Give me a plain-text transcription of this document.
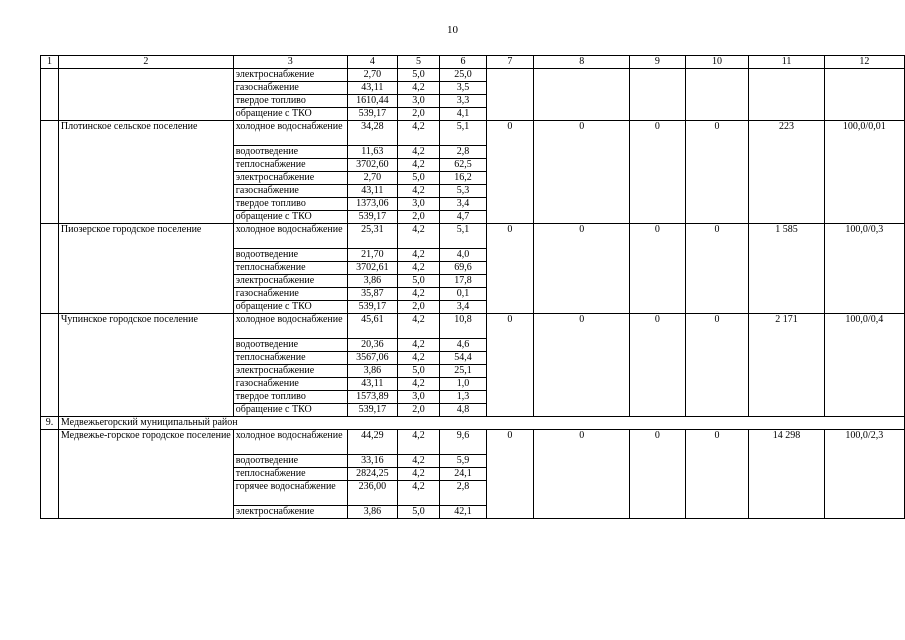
10
1	2	3	4	5	6	7	8	9	10	11	12
		электроснабжение	2,70	5,0	25,0						
		газоснабжение	43,11	4,2	3,5						
		твердое топливо	1610,44	3,0	3,3						
		обращение с ТКО	539,17	2,0	4,1						
	Плотинское сельское поселение	холодное водоснабжение	34,28	4,2	5,1	0	0	0	0	223	100,0/0,01
		водоотведение	11,63	4,2	2,8						
		теплоснабжение	3702,60	4,2	62,5						
		электроснабжение	2,70	5,0	16,2						
		газоснабжение	43,11	4,2	5,3						
		твердое топливо	1373,06	3,0	3,4						
		обращение с ТКО	539,17	2,0	4,7						
	Пиозерское городское поселение	холодное водоснабжение	25,31	4,2	5,1	0	0	0	0	1 585	100,0/0,3
		водоотведение	21,70	4,2	4,0						
		теплоснабжение	3702,61	4,2	69,6						
		электроснабжение	3,86	5,0	17,8						
		газоснабжение	35,87	4,2	0,1						
		обращение с ТКО	539,17	2,0	3,4						
	Чупинское городское поселение	холодное водоснабжение	45,61	4,2	10,8	0	0	0	0	2 171	100,0/0,4
		водоотведение	20,36	4,2	4,6						
		теплоснабжение	3567,06	4,2	54,4						
		электроснабжение	3,86	5,0	25,1						
		газоснабжение	43,11	4,2	1,0						
		твердое топливо	1573,89	3,0	1,3						
		обращение с ТКО	539,17	2,0	4,8						
9.	Медвежьегорский муниципальный район										
	Медвежье-горское городское поселение	холодное водоснабжение	44,29	4,2	9,6	0	0	0	0	14 298	100,0/2,3
		водоотведение	33,16	4,2	5,9						
		теплоснабжение	2824,25	4,2	24,1						
		горячее водоснабжение	236,00	4,2	2,8						
		электроснабжение	3,86	5,0	42,1						
